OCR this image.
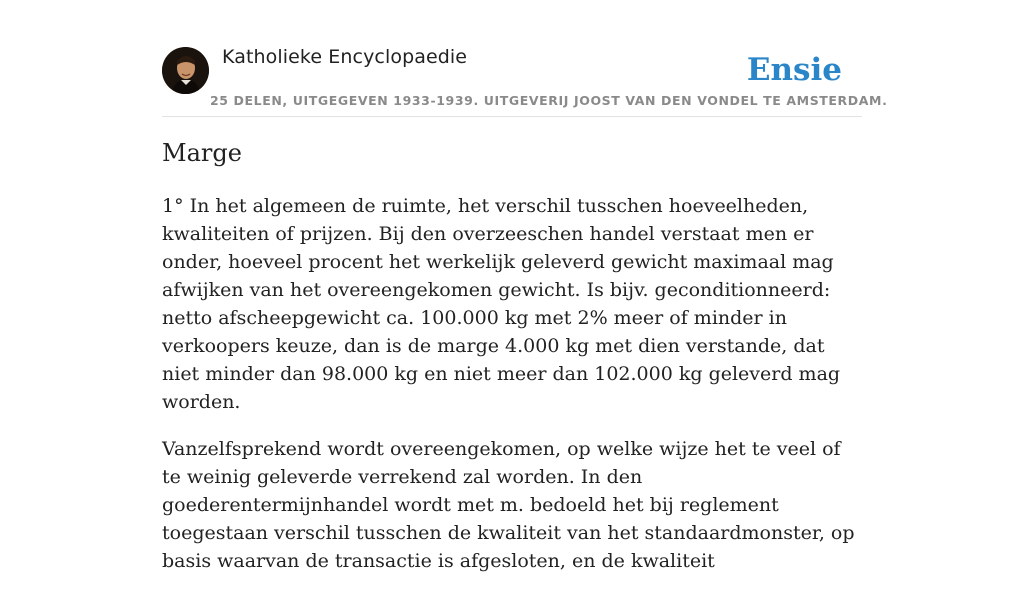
Katholieke Encyclopaedie
25 DELEN, UITGEGEVEN 1933-1939. UITGEVERIJ JOOST VAN DEN VONDEL TE AMSTERDAM.
Ensie
Marge

1° In het algemeen de ruimte, het verschil tusschen hoeveelheden, kwaliteiten of prijzen. Bij den overzeeschen handel verstaat men er onder, hoeveel procent het werkelijk geleverd gewicht maximaal mag afwijken van het overeengekomen gewicht. Is bijv. geconditionneerd: netto afscheepgewicht ca. 100.000 kg met 2% meer of minder in verkoopers keuze, dan is de marge 4.000 kg met dien verstande, dat niet minder dan 98.000 kg en niet meer dan 102.000 kg geleverd mag worden.

Vanzelfsprekend wordt overeengekomen, op welke wijze het te veel of te weinig geleverde verrekend zal worden. In den goederentermijnhandel wordt met m. bedoeld het bij reglement toegestaan verschil tusschen de kwaliteit van het standaardmonster, op basis waarvan de transactie is afgesloten, en de kwaliteit
